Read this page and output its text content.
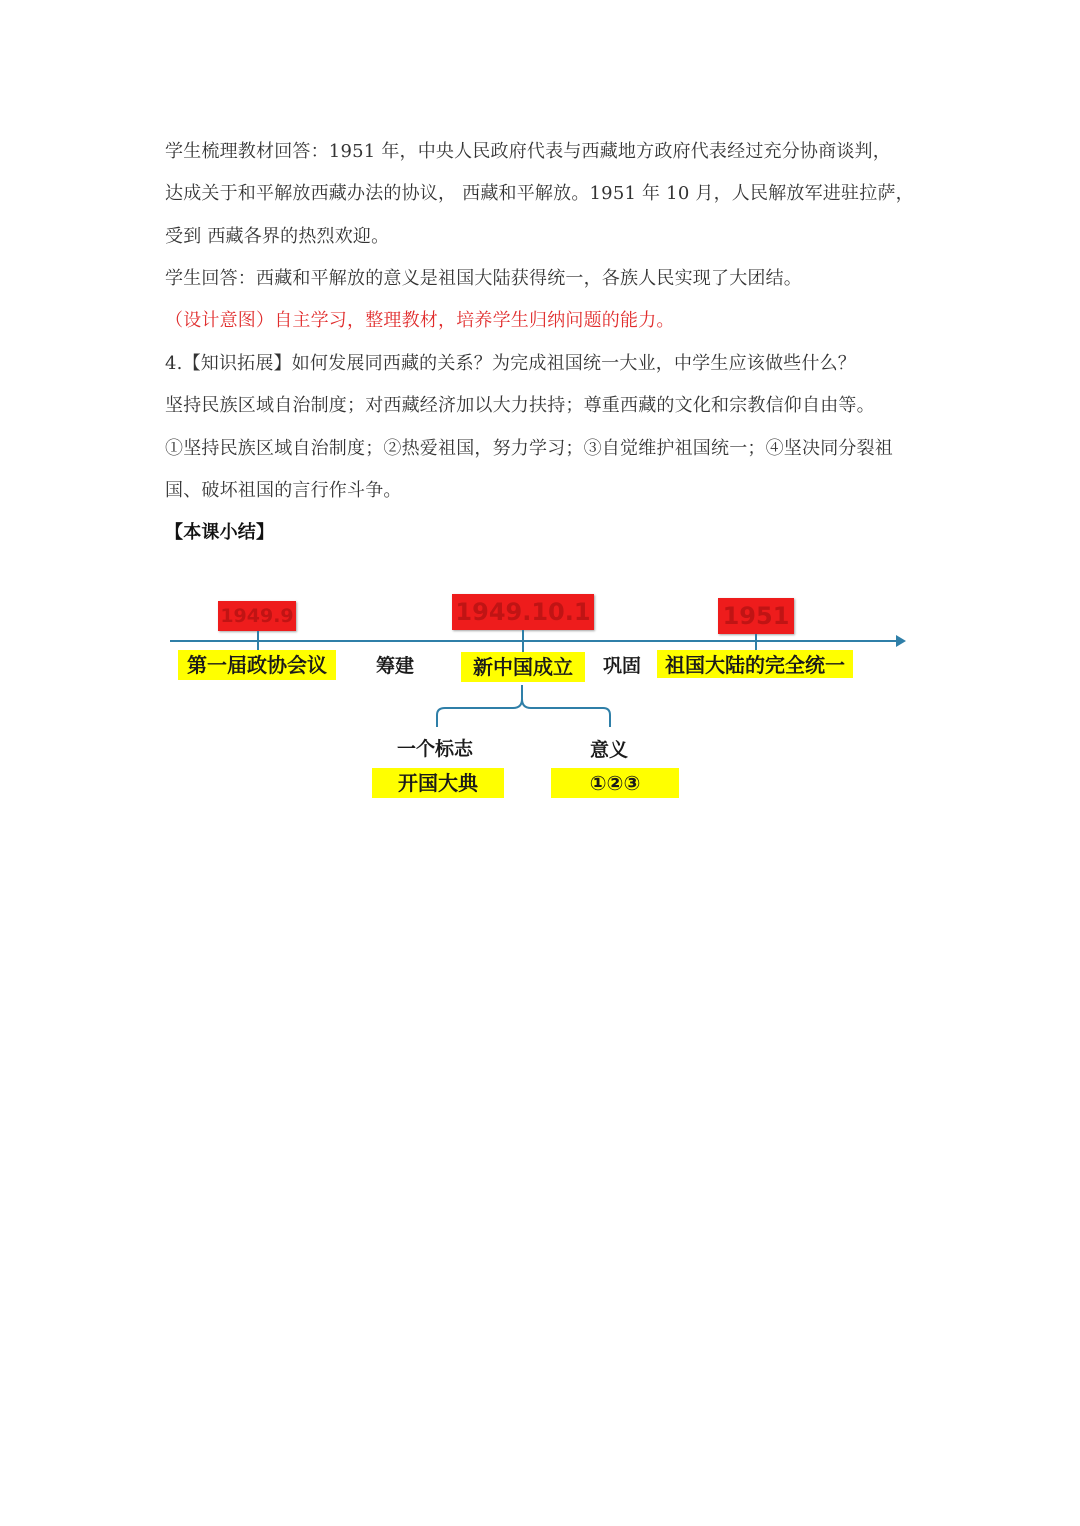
学生梳理教材回答：1951 年，中央人民政府代表与西藏地方政府代表经过充分协商谈判，
达成关于和平解放西藏办法的协议， 西藏和平解放。1951 年 10 月，人民解放军进驻拉萨，
受到 西藏各界的热烈欢迎。
学生回答：西藏和平解放的意义是祖国大陆获得统一，各族人民实现了大团结。
（设计意图）自主学习，整理教材，培养学生归纳问题的能力。
4.【知识拓展】如何发展同西藏的关系？为完成祖国统一大业，中学生应该做些什么？
坚持民族区域自治制度；对西藏经济加以大力扶持；尊重西藏的文化和宗教信仰自由等。
①坚持民族区域自治制度；②热爱祖国，努力学习；③自觉维护祖国统一；④坚决同分裂祖
国、破坏祖国的言行作斗争。
【本课小结】
1949.9	1949.10.1	1951
第一届政协会议	新中国成立	祖国大陆的完全统一
筹建	巩固
一个标志	意义
开国大典	①②③
